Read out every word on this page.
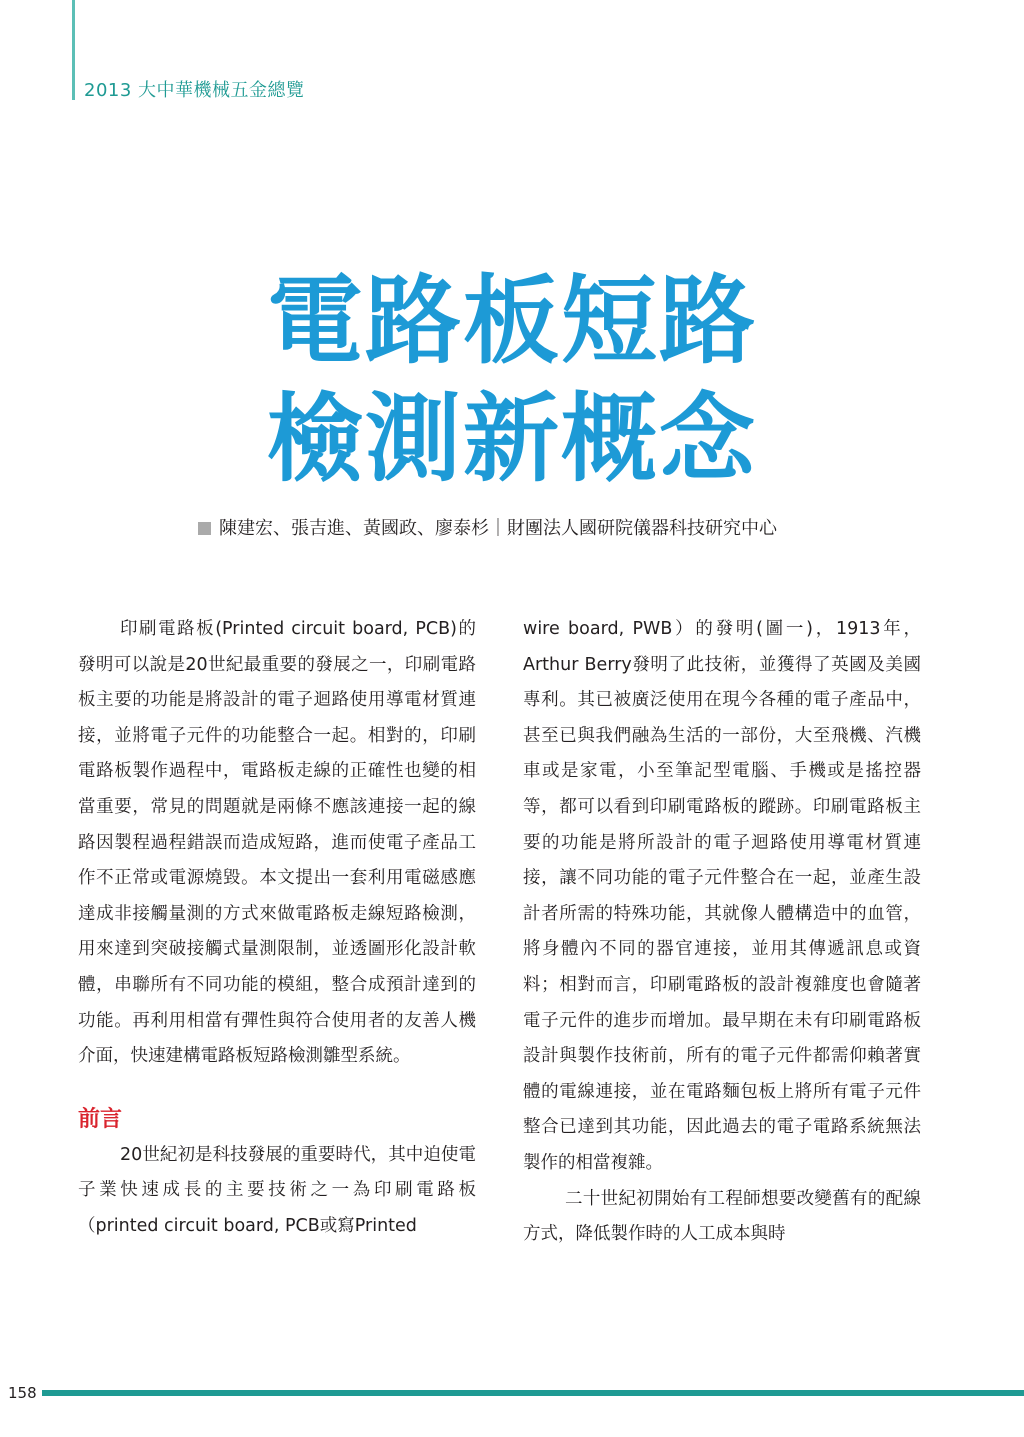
2013 大中華機械五金總覽
電路板短路
檢測新概念
陳建宏、張吉進、黃國政、廖泰杉｜財團法人國研院儀器科技研究中心

印刷電路板(Printed circuit board, PCB)的發明可以說是20世紀最重要的發展之一，印刷電路板主要的功能是將設計的電子迴路使用導電材質連接，並將電子元件的功能整合一起。相對的，印刷電路板製作過程中，電路板走線的正確性也變的相當重要，常見的問題就是兩條不應該連接一起的線路因製程過程錯誤而造成短路，進而使電子產品工作不正常或電源燒毀。本文提出一套利用電磁感應達成非接觸量測的方式來做電路板走線短路檢測，用來達到突破接觸式量測限制，並透圖形化設計軟體，串聯所有不同功能的模組，整合成預計達到的功能。再利用相當有彈性與符合使用者的友善人機介面，快速建構電路板短路檢測雛型系統。

前言

20世紀初是科技發展的重要時代，其中迫使電子業快速成長的主要技術之一為印刷電路板（printed circuit board, PCB或寫Printed

wire board, PWB）的發明(圖一)，1913年，Arthur Berry發明了此技術，並獲得了英國及美國專利。其已被廣泛使用在現今各種的電子產品中，甚至已與我們融為生活的一部份，大至飛機、汽機車或是家電，小至筆記型電腦、手機或是搖控器等，都可以看到印刷電路板的蹤跡。印刷電路板主要的功能是將所設計的電子迴路使用導電材質連接，讓不同功能的電子元件整合在一起，並產生設計者所需的特殊功能，其就像人體構造中的血管，將身體內不同的器官連接，並用其傳遞訊息或資料；相對而言，印刷電路板的設計複雜度也會隨著電子元件的進步而增加。最早期在未有印刷電路板設計與製作技術前，所有的電子元件都需仰賴著實體的電線連接，並在電路麵包板上將所有電子元件整合已達到其功能，因此過去的電子電路系統無法製作的相當複雜。

二十世紀初開始有工程師想要改變舊有的配線方式，降低製作時的人工成本與時

158
